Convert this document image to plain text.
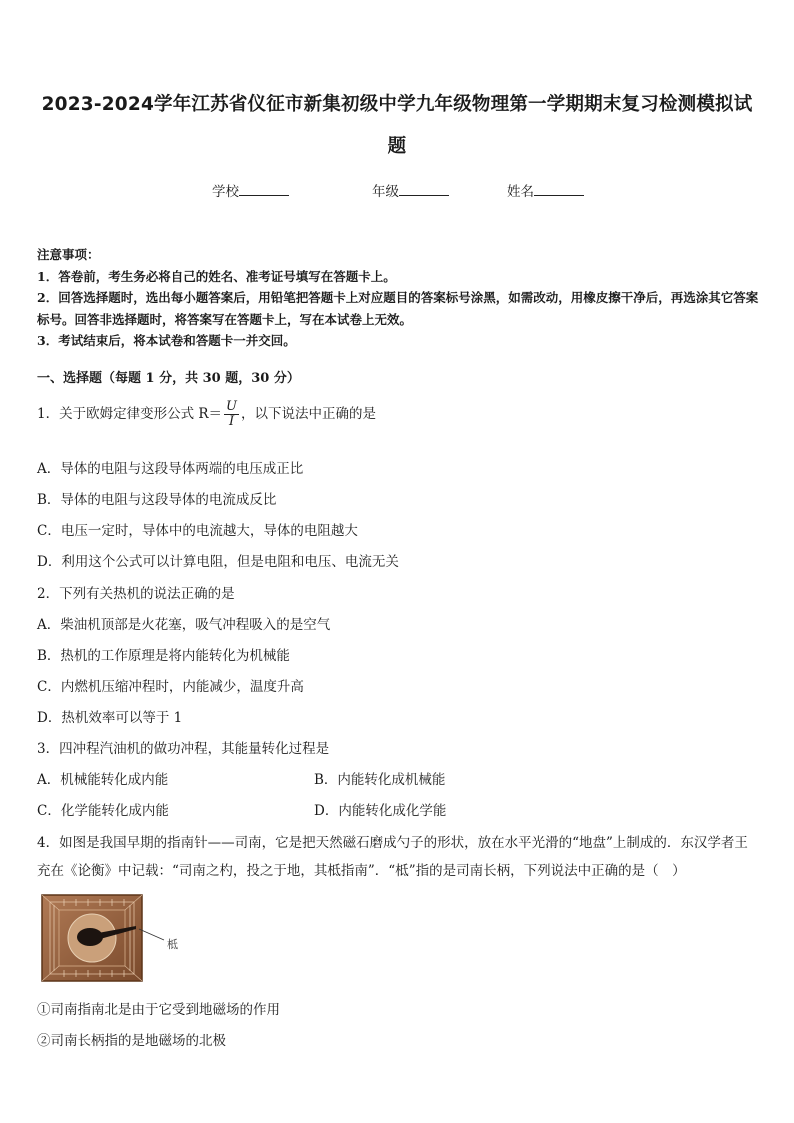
2023-2024学年江苏省仪征市新集初级中学九年级物理第一学期期末复习检测模拟试
题
学校	年级	姓名

注意事项：

1．答卷前，考生务必将自己的姓名、准考证号填写在答题卡上。

2．回答选择题时，选出每小题答案后，用铅笔把答题卡上对应题目的答案标号涂黑，如需改动，用橡皮擦干净后，再选涂其它答案标号。回答非选择题时，将答案写在答题卡上，写在本试卷上无效。

3．考试结束后，将本试卷和答题卡一并交回。

一、选择题（每题 1 分，共 30 题，30 分）
1．关于欧姆定律变形公式 $R= \frac{U}{I}$ ，以下说法中正确的是
A．导体的电阻与这段导体两端的电压成正比
B．导体的电阻与这段导体的电流成反比
C．电压一定时，导体中的电流越大，导体的电阻越大
D．利用这个公式可以计算电阻，但是电阻和电压、电流无关
2．下列有关热机的说法正确的是
A．柴油机顶部是火花塞，吸气冲程吸入的是空气
B．热机的工作原理是将内能转化为机械能
C．内燃机压缩冲程时，内能减少，温度升高
D．热机效率可以等于 1
3．四冲程汽油机的做功冲程，其能量转化过程是
A．机械能转化成内能	B．内能转化成机械能
C．化学能转化成内能	D．内能转化成化学能
4．如图是我国早期的指南针——司南，它是把天然磁石磨成勺子的形状，放在水平光滑的“地盘”上制成的．东汉学者王充在《论衡》中记载：“司南之杓，投之于地，其柢指南”．“柢”指的是司南长柄，下列说法中正确的是（　）
柢
①司南指南北是由于它受到地磁场的作用
②司南长柄指的是地磁场的北极
